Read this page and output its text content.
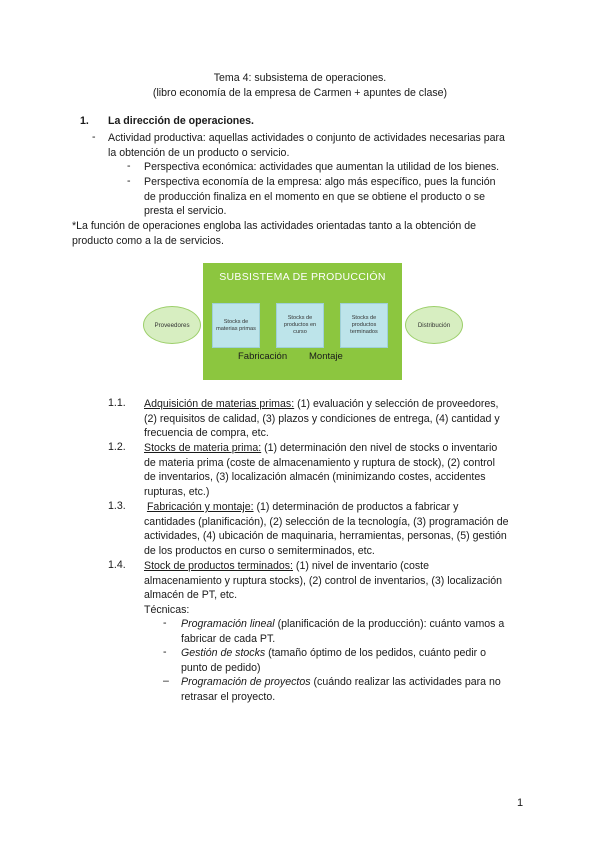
Tema 4: subsistema de operaciones.
(libro economía de la empresa de Carmen + apuntes de clase)
1. La dirección de operaciones.
- Actividad productiva: aquellas actividades o conjunto de actividades necesarias para
la obtención de un producto o servicio.
- Perspectiva económica: actividades que aumentan la utilidad de los bienes.
- Perspectiva economía de la empresa: algo más específico, pues la función
de producción finaliza en el momento en que se obtiene el producto o se
presta el servicio.
*La función de operaciones engloba las actividades orientadas tanto a la obtención de
producto como a la de servicios.
SUBSISTEMA DE PRODUCCIÓN
Proveedores	Stocks de materias primas
Stocks de productos en curso
Stocks de productos terminados
Distribución
Fabricación Montaje
1.1. Adquisición de materias primas: (1) evaluación y selección de proveedores,
(2) requisitos de calidad, (3) plazos y condiciones de entrega, (4) cantidad y
frecuencia de compra, etc.
1.2. Stocks de materia prima: (1) determinación den nivel de stocks o inventario
de materia prima (coste de almacenamiento y ruptura de stock), (2) control
de inventarios, (3) localización almacén (minimizando costes, accidentes
rupturas, etc.)
1.3. Fabricación y montaje: (1) determinación de productos a fabricar y
cantidades (planificación), (2) selección de la tecnología, (3) programación de
actividades, (4) ubicación de maquinaria, herramientas, personas, (5) gestión
de los productos en curso o semiterminados, etc.
1.4. Stock de productos terminados: (1) nivel de inventario (coste
almacenamiento y ruptura stocks), (2) control de inventarios, (3) localización
almacén de PT, etc.
Técnicas:
- Programación lineal (planificación de la producción): cuánto vamos a
fabricar de cada PT.
- Gestión de stocks (tamaño óptimo de los pedidos, cuánto pedir o
punto de pedido)
– Programación de proyectos (cuándo realizar las actividades para no
retrasar el proyecto.
1
